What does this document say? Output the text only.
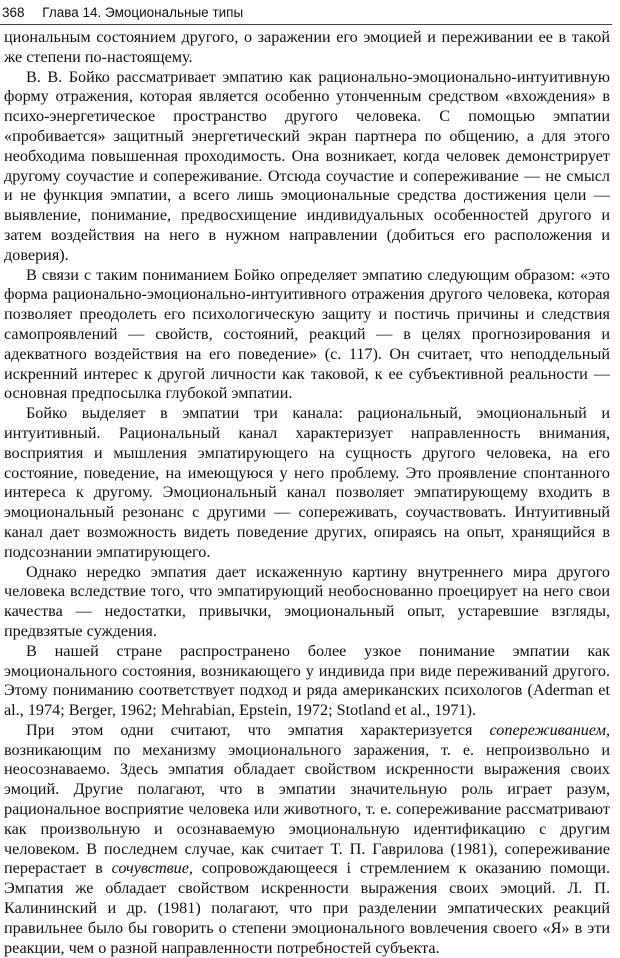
368 Глава 14. Эмоциональные типы

циональным состоянием другого, о заражении его эмоцией и переживании ее в такой же степени по-настоящему.

В. В. Бойко рассматривает эмпатию как рационально-эмоционально-интуитивную форму отражения, которая является особенно утонченным средством «вхождения» в психо-энергетическое пространство другого человека. С помощью эмпатии «пробивается» защитный энергетический экран партнера по общению, а для этого необходима повышенная проходимость. Она возникает, когда человек демонстрирует другому соучастие и сопереживание. Отсюда соучастие и сопереживание — не смысл и не функция эмпатии, а всего лишь эмоциональные средства достижения цели — выявление, понимание, предвосхищение индивидуальных особенностей другого и затем воздействия на него в нужном направлении (добиться его расположения и доверия).

В связи с таким пониманием Бойко определяет эмпатию следующим образом: «это форма рационально-эмоционально-интуитивного отражения другого человека, которая позволяет преодолеть его психологическую защиту и постичь причины и следствия самопроявлений — свойств, состояний, реакций — в целях прогнозирования и адекватного воздействия на его поведение» (с. 117). Он считает, что неподдельный искренний интерес к другой личности как таковой, к ее субъективной реальности — основная предпосылка глубокой эмпатии.

Бойко выделяет в эмпатии три канала: рациональный, эмоциональный и интуитивный. Рациональный канал характеризует направленность внимания, восприятия и мышления эмпатирующего на сущность другого человека, на его состояние, поведение, на имеющуюся у него проблему. Это проявление спонтанного интереса к другому. Эмоциональный канал позволяет эмпатирующему входить в эмоциональный резонанс с другими — сопереживать, соучаствовать. Интуитивный канал дает возможность видеть поведение других, опираясь на опыт, хранящийся в подсознании эмпатирующего.

Однако нередко эмпатия дает искаженную картину внутреннего мира другого человека вследствие того, что эмпатирующий необоснованно проецирует на него свои качества — недостатки, привычки, эмоциональный опыт, устаревшие взгляды, предвзятые суждения.

В нашей стране распространено более узкое понимание эмпатии как эмоционального состояния, возникающего у индивида при виде переживаний другого. Этому пониманию соответствует подход и ряда американских психологов (Aderman et al., 1974; Berger, 1962; Mehrabian, Epstein, 1972; Stotland et al., 1971).

При этом одни считают, что эмпатия характеризуется сопереживанием, возникающим по механизму эмоционального заражения, т. е. непроизвольно и неосознаваемо. Здесь эмпатия обладает свойством искренности выражения своих эмоций. Другие полагают, что в эмпатии значительную роль играет разум, рациональное восприятие человека или животного, т. е. сопереживание рассматривают как произвольную и осознаваемую эмоциональную идентификацию с другим человеком. В последнем случае, как считает Т. П. Гаврилова (1981), сопереживание перерастает в сочувствие, сопровождающееся і стремлением к оказанию помощи. Эмпатия же обладает свойством искренности выражения своих эмоций. Л. П. Калининский и др. (1981) полагают, что при разделении эмпатических реакций правильнее было бы говорить о степени эмоционального вовлечения своего «Я» в эти реакции, чем о разной направленности потребностей субъекта.
